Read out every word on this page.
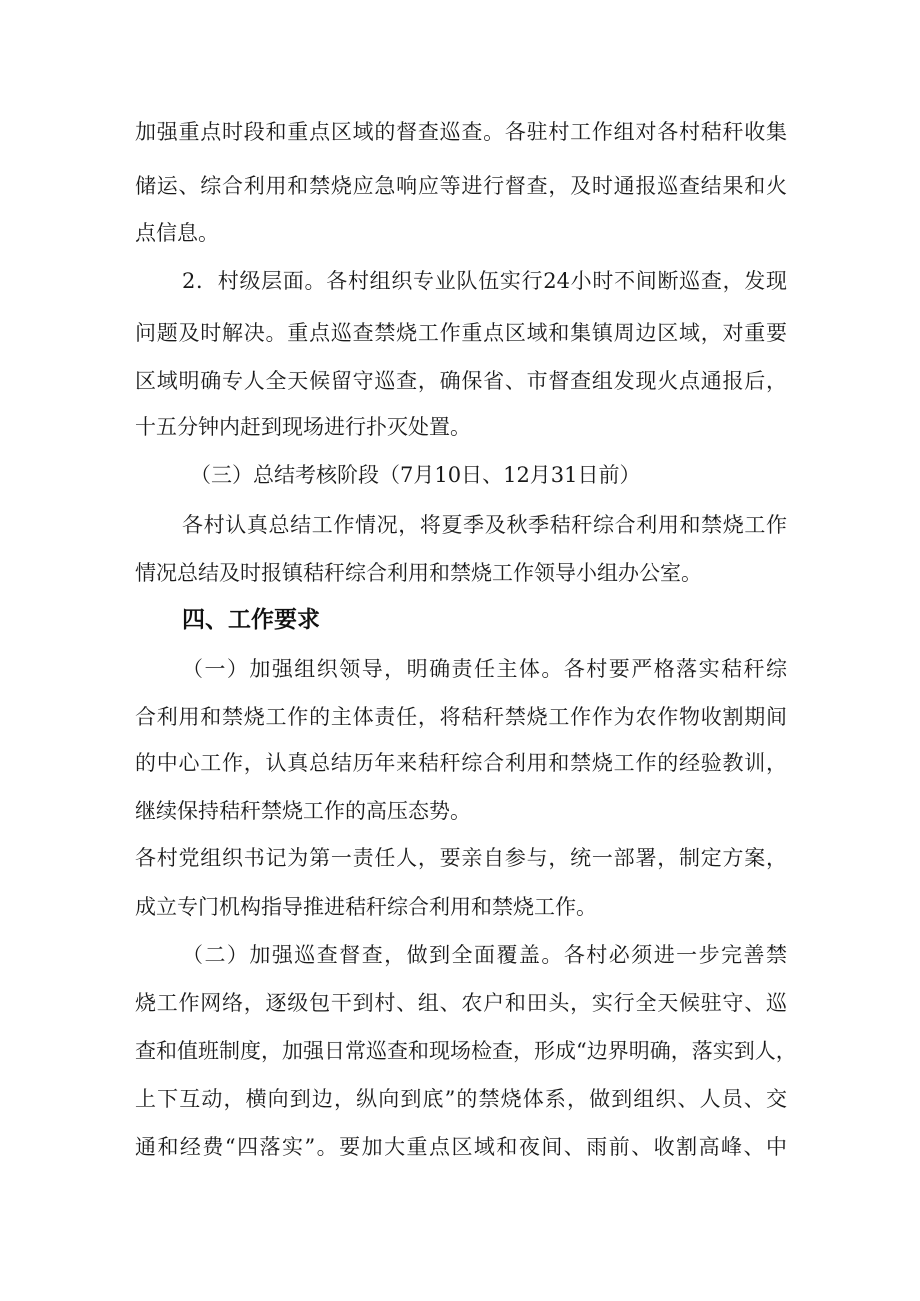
加强重点时段和重点区域的督查巡查。各驻村工作组对各村秸秆收集

储运、综合利用和禁烧应急响应等进行督查，及时通报巡查结果和火

点信息。

2．村级层面。各村组织专业队伍实行24小时不间断巡查，发现

问题及时解决。重点巡查禁烧工作重点区域和集镇周边区域，对重要

区域明确专人全天候留守巡查，确保省、市督查组发现火点通报后，

十五分钟内赶到现场进行扑灭处置。

（三）总结考核阶段（7月10日、12月31日前）

各村认真总结工作情况，将夏季及秋季秸秆综合利用和禁烧工作

情况总结及时报镇秸秆综合利用和禁烧工作领导小组办公室。

四、工作要求

（一）加强组织领导，明确责任主体。各村要严格落实秸秆综

合利用和禁烧工作的主体责任，将秸秆禁烧工作作为农作物收割期间

的中心工作，认真总结历年来秸秆综合利用和禁烧工作的经验教训，

继续保持秸秆禁烧工作的高压态势。

各村党组织书记为第一责任人，要亲自参与，统一部署，制定方案，

成立专门机构指导推进秸秆综合利用和禁烧工作。

（二）加强巡查督查，做到全面覆盖。各村必须进一步完善禁

烧工作网络，逐级包干到村、组、农户和田头，实行全天候驻守、巡

查和值班制度，加强日常巡查和现场检查，形成“边界明确，落实到人，

上下互动，横向到边，纵向到底”的禁烧体系，做到组织、人员、交

通和经费“四落实”。要加大重点区域和夜间、雨前、收割高峰、中
